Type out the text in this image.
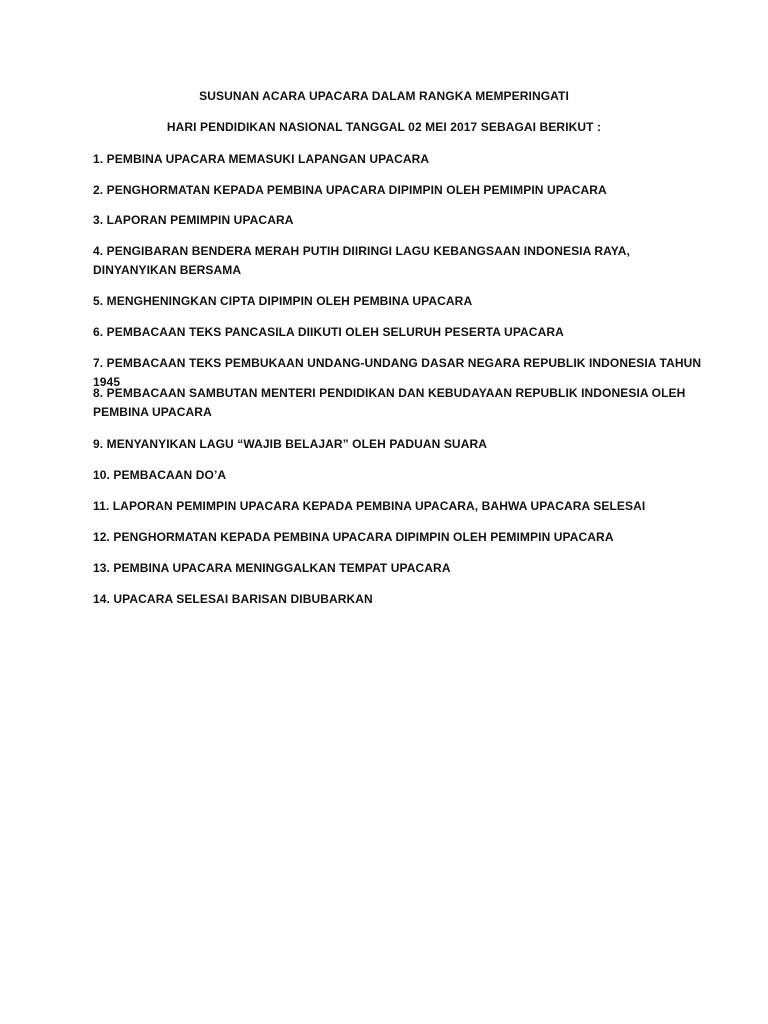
SUSUNAN ACARA UPACARA DALAM RANGKA MEMPERINGATI
HARI PENDIDIKAN NASIONAL TANGGAL 02 MEI 2017 SEBAGAI BERIKUT :
1. PEMBINA UPACARA MEMASUKI LAPANGAN UPACARA
2. PENGHORMATAN KEPADA PEMBINA UPACARA DIPIMPIN OLEH PEMIMPIN UPACARA
3. LAPORAN PEMIMPIN UPACARA
4. PENGIBARAN BENDERA MERAH PUTIH DIIRINGI LAGU KEBANGSAAN INDONESIA RAYA, DINYANYIKAN BERSAMA
5. MENGHENINGKAN CIPTA DIPIMPIN OLEH PEMBINA UPACARA
6. PEMBACAAN TEKS PANCASILA DIIKUTI OLEH SELURUH PESERTA UPACARA
7. PEMBACAAN TEKS PEMBUKAAN UNDANG-UNDANG DASAR NEGARA REPUBLIK INDONESIA TAHUN 1945
8. PEMBACAAN SAMBUTAN MENTERI PENDIDIKAN DAN KEBUDAYAAN REPUBLIK INDONESIA OLEH PEMBINA UPACARA
9. MENYANYIKAN LAGU “WAJIB BELAJAR” OLEH PADUAN SUARA
10. PEMBACAAN DO’A
11. LAPORAN PEMIMPIN UPACARA KEPADA PEMBINA UPACARA, BAHWA UPACARA SELESAI
12. PENGHORMATAN KEPADA PEMBINA UPACARA DIPIMPIN OLEH PEMIMPIN UPACARA
13. PEMBINA UPACARA MENINGGALKAN TEMPAT UPACARA
14. UPACARA SELESAI BARISAN DIBUBARKAN
